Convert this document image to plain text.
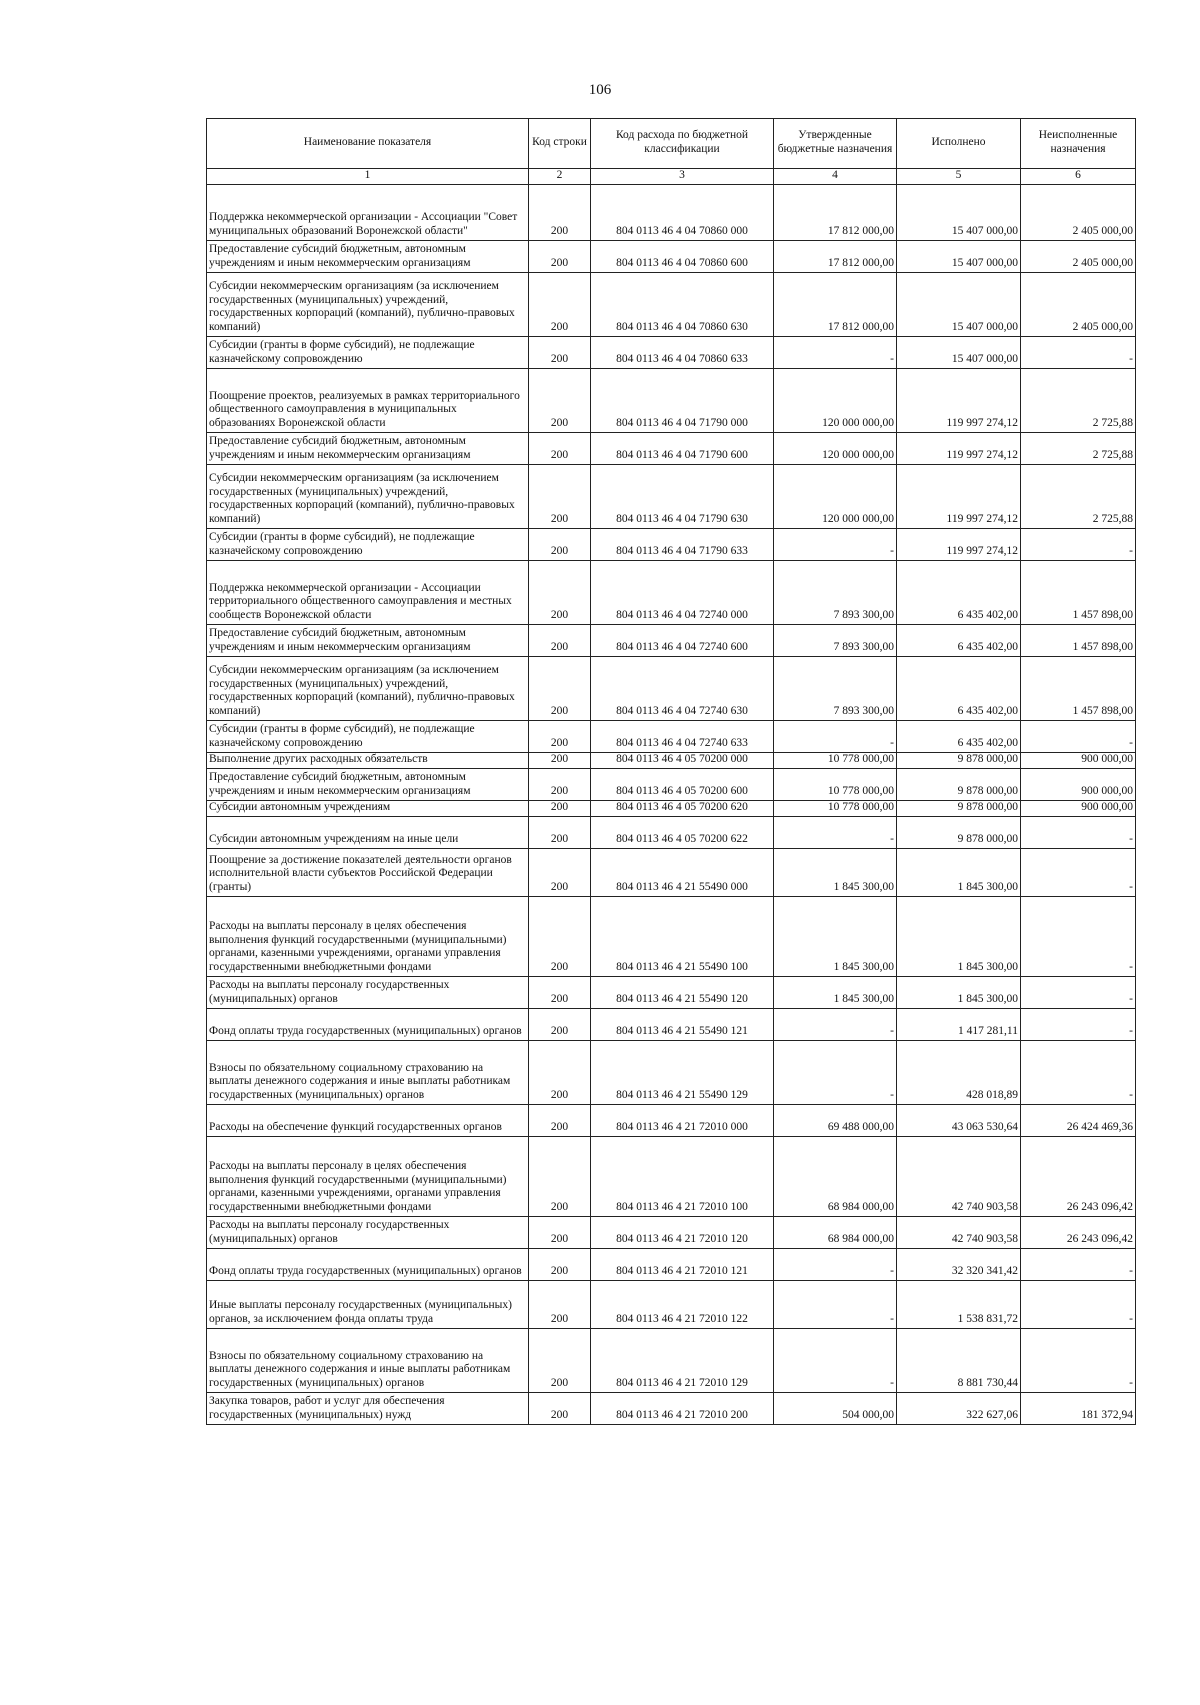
106
Наименование показателя	Код строки	Код расхода по бюджетной классификации	Утвержденные бюджетные назначения	Исполнено	Неисполненные назначения
1	2	3	4	5	6
Поддержка некоммерческой организации - Ассоциации "Совет муниципальных образований Воронежской области"	200	804 0113 46 4 04 70860 000	17 812 000,00	15 407 000,00	2 405 000,00
Предоставление субсидий бюджетным, автономным учреждениям и иным некоммерческим организациям	200	804 0113 46 4 04 70860 600	17 812 000,00	15 407 000,00	2 405 000,00
Субсидии некоммерческим организациям (за исключением государственных (муниципальных) учреждений, государственных корпораций (компаний), публично-правовых компаний)	200	804 0113 46 4 04 70860 630	17 812 000,00	15 407 000,00	2 405 000,00
Субсидии (гранты в форме субсидий), не подлежащие казначейскому сопровождению	200	804 0113 46 4 04 70860 633	-	15 407 000,00	-
Поощрение проектов, реализуемых в рамках территориального общественного самоуправления в муниципальных образованиях Воронежской области	200	804 0113 46 4 04 71790 000	120 000 000,00	119 997 274,12	2 725,88
Предоставление субсидий бюджетным, автономным учреждениям и иным некоммерческим организациям	200	804 0113 46 4 04 71790 600	120 000 000,00	119 997 274,12	2 725,88
Субсидии некоммерческим организациям (за исключением государственных (муниципальных) учреждений, государственных корпораций (компаний), публично-правовых компаний)	200	804 0113 46 4 04 71790 630	120 000 000,00	119 997 274,12	2 725,88
Субсидии (гранты в форме субсидий), не подлежащие казначейскому сопровождению	200	804 0113 46 4 04 71790 633	-	119 997 274,12	-
Поддержка некоммерческой организации - Ассоциации территориального общественного самоуправления и местных сообществ Воронежской области	200	804 0113 46 4 04 72740 000	7 893 300,00	6 435 402,00	1 457 898,00
Предоставление субсидий бюджетным, автономным учреждениям и иным некоммерческим организациям	200	804 0113 46 4 04 72740 600	7 893 300,00	6 435 402,00	1 457 898,00
Субсидии некоммерческим организациям (за исключением государственных (муниципальных) учреждений, государственных корпораций (компаний), публично-правовых компаний)	200	804 0113 46 4 04 72740 630	7 893 300,00	6 435 402,00	1 457 898,00
Субсидии (гранты в форме субсидий), не подлежащие казначейскому сопровождению	200	804 0113 46 4 04 72740 633	-	6 435 402,00	-
Выполнение других расходных обязательств	200	804 0113 46 4 05 70200 000	10 778 000,00	9 878 000,00	900 000,00
Предоставление субсидий бюджетным, автономным учреждениям и иным некоммерческим организациям	200	804 0113 46 4 05 70200 600	10 778 000,00	9 878 000,00	900 000,00
Субсидии автономным учреждениям	200	804 0113 46 4 05 70200 620	10 778 000,00	9 878 000,00	900 000,00
Субсидии автономным учреждениям на иные цели	200	804 0113 46 4 05 70200 622	-	9 878 000,00	-
Поощрение за достижение показателей деятельности органов исполнительной власти субъектов Российской Федерации (гранты)	200	804 0113 46 4 21 55490 000	1 845 300,00	1 845 300,00	-
Расходы на выплаты персоналу в целях обеспечения выполнения функций государственными (муниципальными) органами, казенными учреждениями, органами управления государственными внебюджетными фондами	200	804 0113 46 4 21 55490 100	1 845 300,00	1 845 300,00	-
Расходы на выплаты персоналу государственных (муниципальных) органов	200	804 0113 46 4 21 55490 120	1 845 300,00	1 845 300,00	-
Фонд оплаты труда государственных (муниципальных) органов	200	804 0113 46 4 21 55490 121	-	1 417 281,11	-
Взносы по обязательному социальному страхованию на выплаты денежного содержания и иные выплаты работникам государственных (муниципальных) органов	200	804 0113 46 4 21 55490 129	-	428 018,89	-
Расходы на обеспечение функций государственных органов	200	804 0113 46 4 21 72010 000	69 488 000,00	43 063 530,64	26 424 469,36
Расходы на выплаты персоналу в целях обеспечения выполнения функций государственными (муниципальными) органами, казенными учреждениями, органами управления государственными внебюджетными фондами	200	804 0113 46 4 21 72010 100	68 984 000,00	42 740 903,58	26 243 096,42
Расходы на выплаты персоналу государственных (муниципальных) органов	200	804 0113 46 4 21 72010 120	68 984 000,00	42 740 903,58	26 243 096,42
Фонд оплаты труда государственных (муниципальных) органов	200	804 0113 46 4 21 72010 121	-	32 320 341,42	-
Иные выплаты персоналу государственных (муниципальных) органов, за исключением фонда оплаты труда	200	804 0113 46 4 21 72010 122	-	1 538 831,72	-
Взносы по обязательному социальному страхованию на выплаты денежного содержания и иные выплаты работникам государственных (муниципальных) органов	200	804 0113 46 4 21 72010 129	-	8 881 730,44	-
Закупка товаров, работ и услуг для обеспечения государственных (муниципальных) нужд	200	804 0113 46 4 21 72010 200	504 000,00	322 627,06	181 372,94
